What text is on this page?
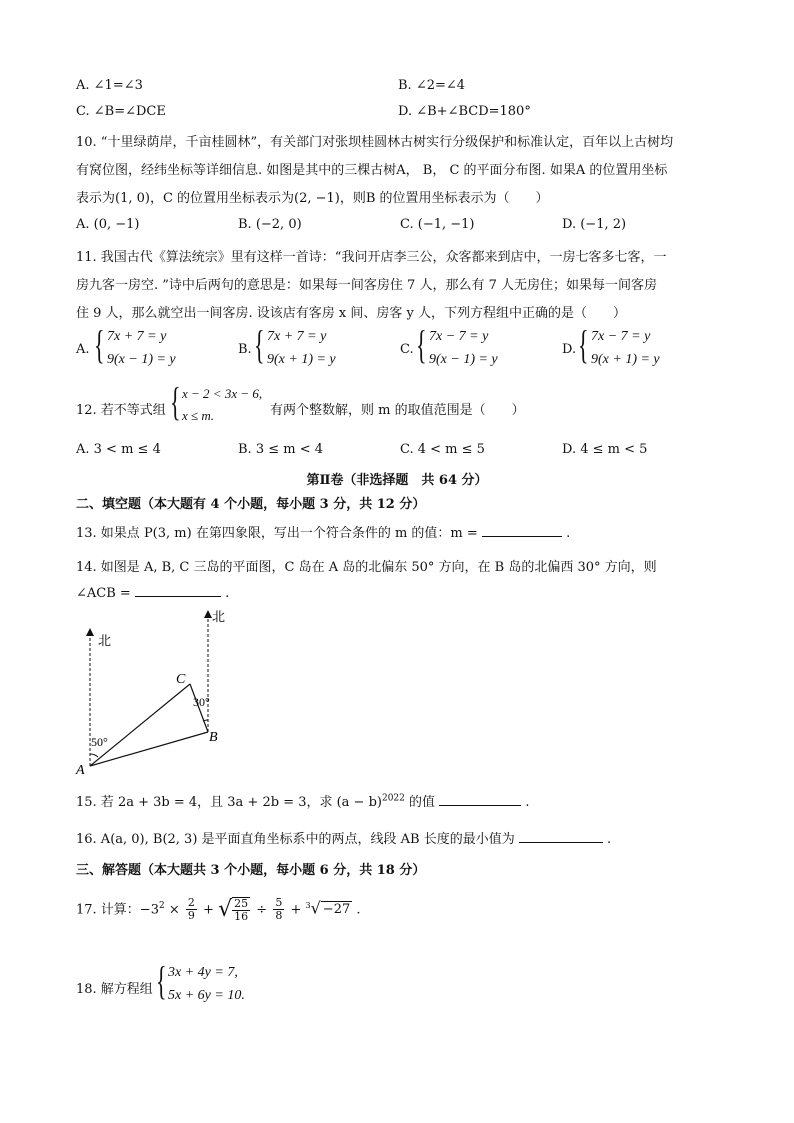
A. ∠1=∠3	B. ∠2=∠4
C. ∠B=∠DCE	D. ∠B+∠BCD=180°
10. “十里绿荫岸，千亩桂圆林”，有关部门对张坝桂圆林古树实行分级保护和标准认定，百年以上古树均
有窝位图，经纬坐标等详细信息. 如图是其中的三棵古树A， B， C 的平面分布图. 如果A 的位置用坐标
表示为(1, 0)，C 的位置用坐标表示为(2, −1)，则B 的位置用坐标表示为（　　）
A. (0, −1)	B. (−2, 0)	C. (−1, −1)	D. (−1, 2)
11. 我国古代《算法统宗》里有这样一首诗：“我问开店李三公，众客都来到店中，一房七客多七客，一
房九客一房空. ”诗中后两句的意思是：如果每一间客房住 7 人，那么有 7 人无房住；如果每一间客房
住 9 人，那么就空出一间客房. 设该店有客房 x 间、房客 y 人，下列方程组中正确的是（　　）
A. { 7x + 7 = y
9(x − 1) = y
B. { 7x + 7 = y
9(x + 1) = y
C. { 7x − 7 = y
9(x − 1) = y
D. { 7x − 7 = y
9(x + 1) = y
12. 若不等式组 { x − 2 < 3x − 6,
x ≤ m.	有两个整数解，则 m 的取值范围是（　　）
A. 3 < m ≤ 4	B. 3 ≤ m < 4	C. 4 < m ≤ 5	D. 4 ≤ m < 5
第Ⅱ卷（非选择题　共 64 分）
二、填空题（本大题有 4 个小题，每小题 3 分，共 12 分）
13. 如果点 P(3, m) 在第四象限，写出一个符合条件的 m 的值：m =	.
14. 如图是 A, B, C 三岛的平面图，C 岛在 A 岛的北偏东 50° 方向，在 B 岛的北偏西 30° 方向，则
∠ACB =	.
北
北
A
B
C
50°
30°
15. 若 2a + 3b = 4，且 3a + 2b = 3，求 $(a - b)^{2022}$ 的值	.
16. A(a, 0), B(2, 3) 是平面直角坐标系中的两点，线段 AB 长度的最小值为	.
三、解答题（本大题共 3 个小题，每小题 6 分，共 18 分）
17. 计算：$-3^2 \times \frac{2}{9}$ + √ $\frac{25}{16} \div \frac{5}{8} + ^3√ -27$ .
18. 解方程组 { 3x + 4y = 7,
5x + 6y = 10.
